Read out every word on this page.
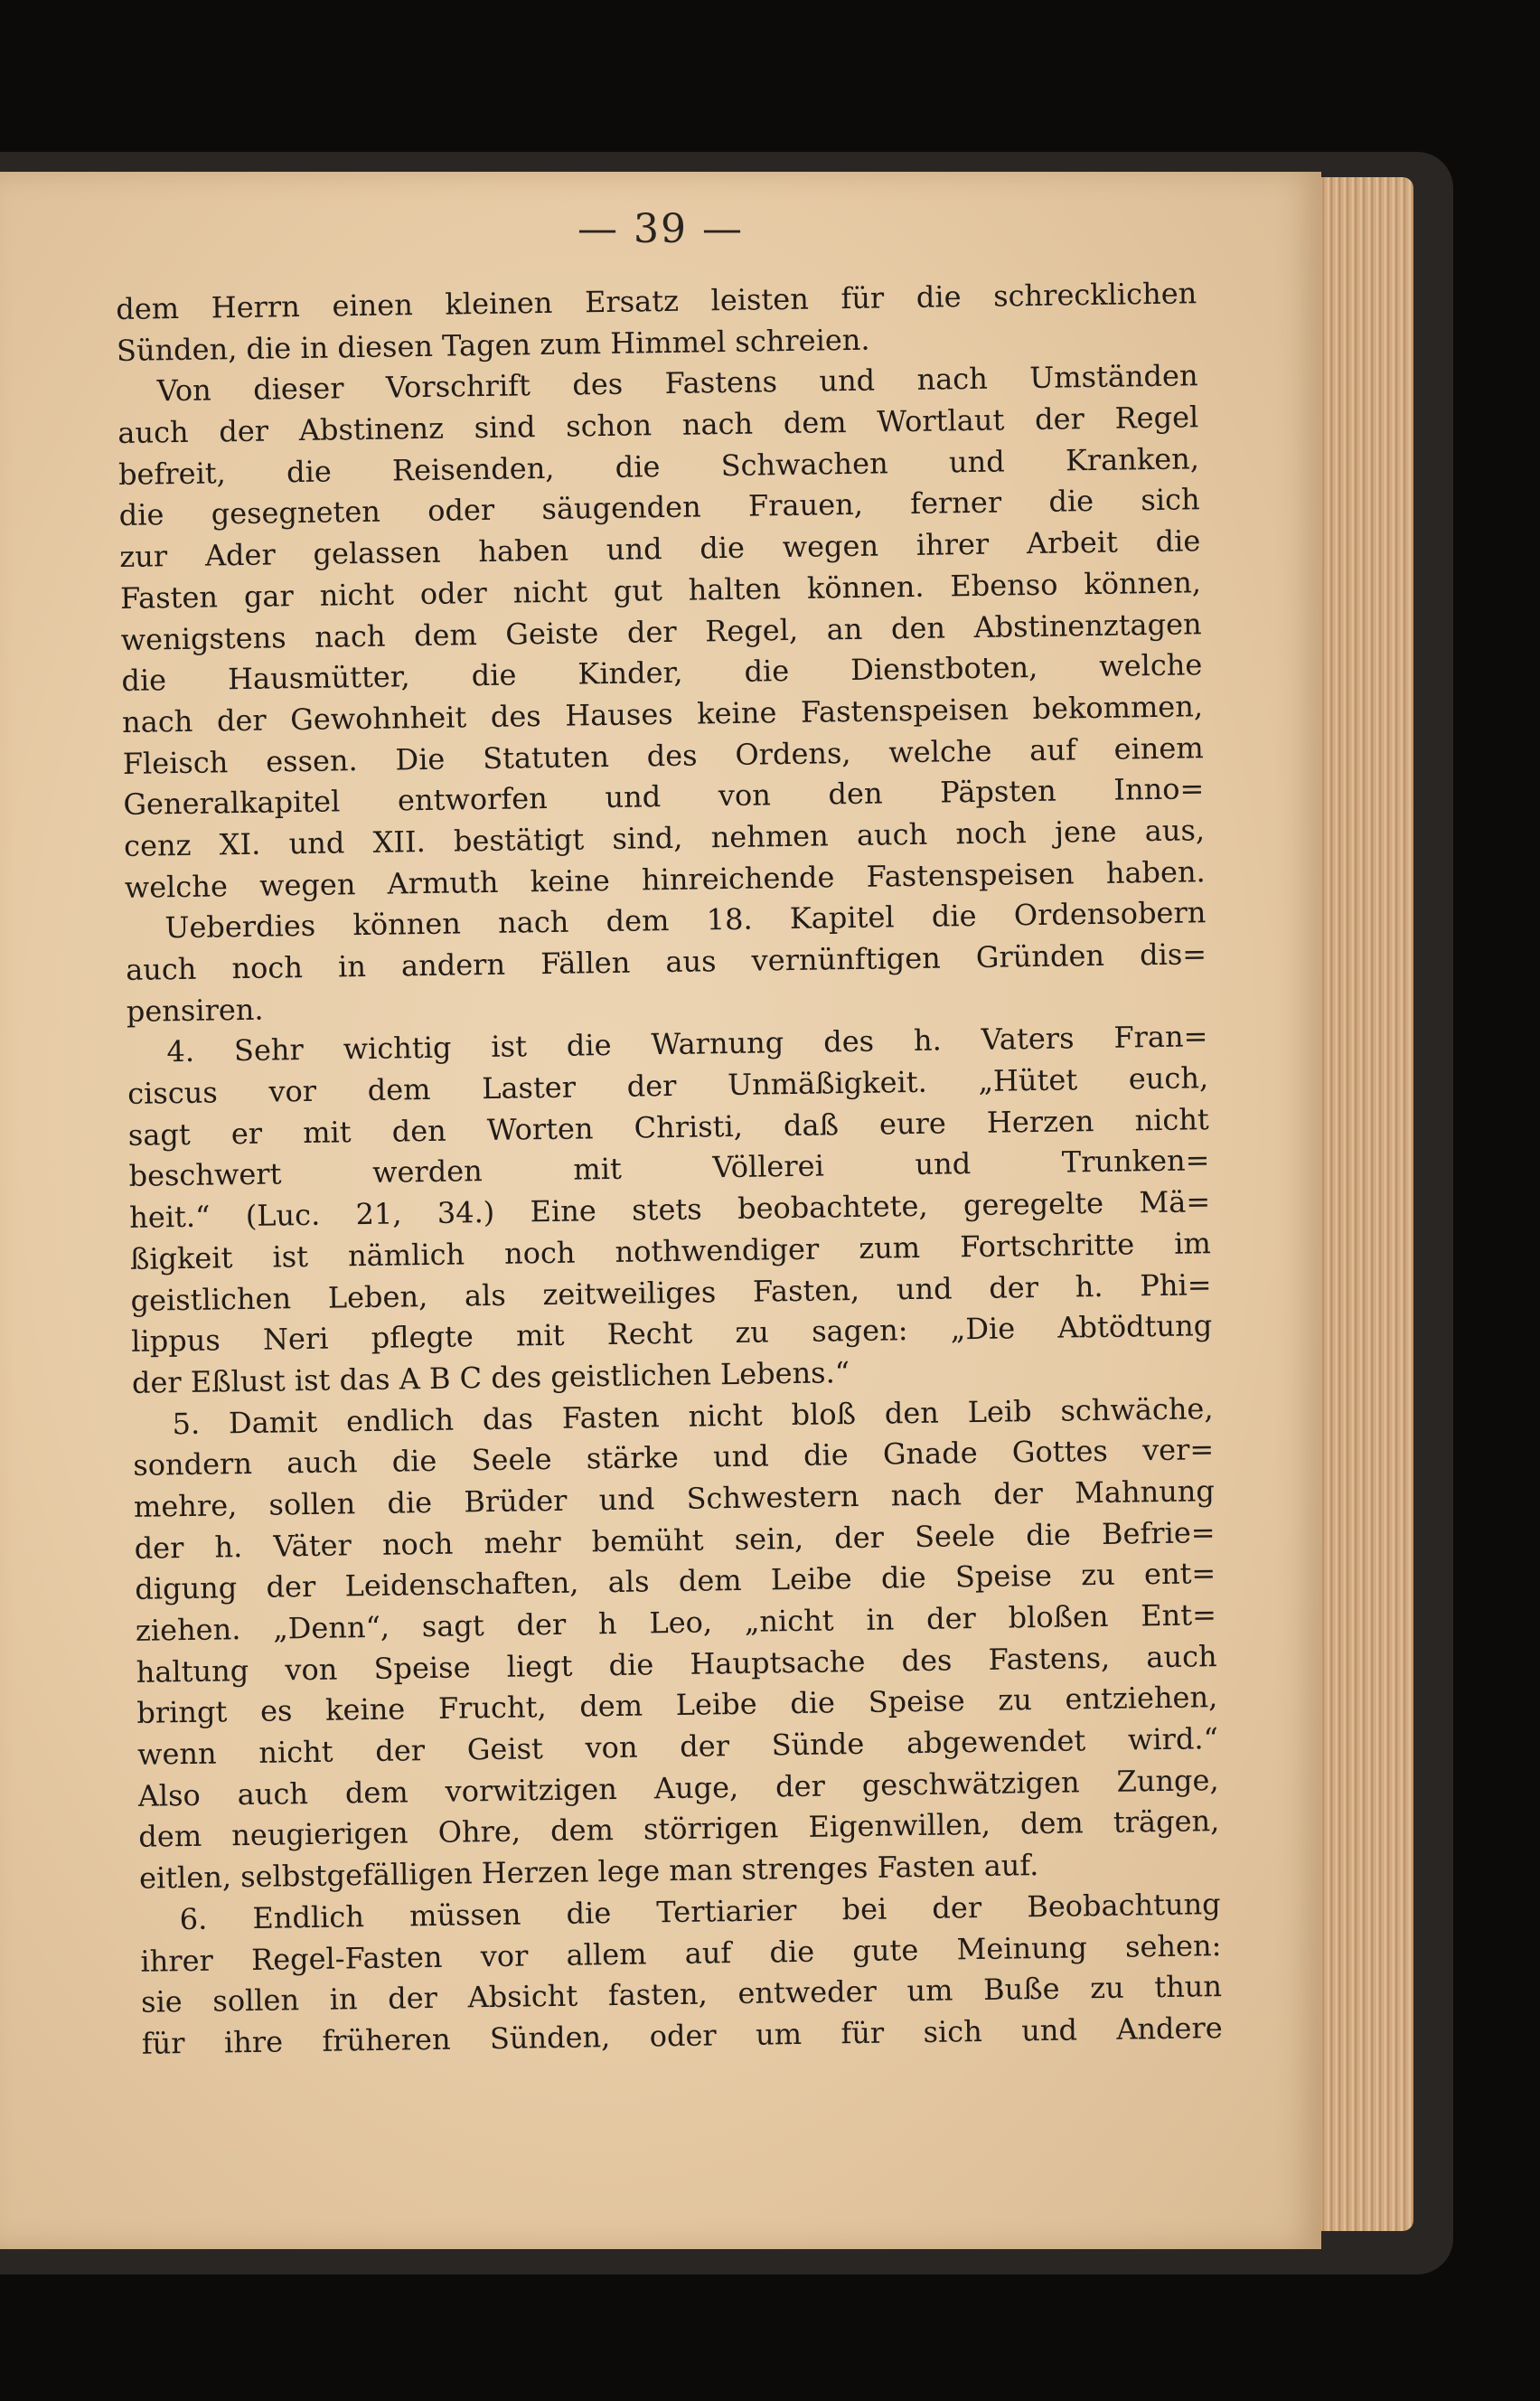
— 39 —
dem Herrn einen kleinen Ersatz leisten für die schrecklichen
Sünden, die in diesen Tagen zum Himmel schreien.
Von dieser Vorschrift des Fastens und nach Umständen
auch der Abstinenz sind schon nach dem Wortlaut der Regel
befreit, die Reisenden, die Schwachen und Kranken,
die gesegneten oder säugenden Frauen, ferner die sich
zur Ader gelassen haben und die wegen ihrer Arbeit die
Fasten gar nicht oder nicht gut halten können. Ebenso können,
wenigstens nach dem Geiste der Regel, an den Abstinenztagen
die Hausmütter, die Kinder, die Dienstboten, welche
nach der Gewohnheit des Hauses keine Fastenspeisen bekommen,
Fleisch essen. Die Statuten des Ordens, welche auf einem
Generalkapitel entworfen und von den Päpsten Inno=
cenz XI. und XII. bestätigt sind, nehmen auch noch jene aus,
welche wegen Armuth keine hinreichende Fastenspeisen haben.
Ueberdies können nach dem 18. Kapitel die Ordensobern
auch noch in andern Fällen aus vernünftigen Gründen dis=
pensiren.
4. Sehr wichtig ist die Warnung des h. Vaters Fran=
ciscus vor dem Laster der Unmäßigkeit. „Hütet euch,
sagt er mit den Worten Christi, daß eure Herzen nicht
beschwert werden mit Völlerei und Trunken=
heit.“ (Luc. 21, 34.) Eine stets beobachtete, geregelte Mä=
ßigkeit ist nämlich noch nothwendiger zum Fortschritte im
geistlichen Leben, als zeitweiliges Fasten, und der h. Phi=
lippus Neri pflegte mit Recht zu sagen: „Die Abtödtung
der Eßlust ist das A B C des geistlichen Lebens.“
5. Damit endlich das Fasten nicht bloß den Leib schwäche,
sondern auch die Seele stärke und die Gnade Gottes ver=
mehre, sollen die Brüder und Schwestern nach der Mahnung
der h. Väter noch mehr bemüht sein, der Seele die Befrie=
digung der Leidenschaften, als dem Leibe die Speise zu ent=
ziehen. „Denn“, sagt der h Leo, „nicht in der bloßen Ent=
haltung von Speise liegt die Hauptsache des Fastens, auch
bringt es keine Frucht, dem Leibe die Speise zu entziehen,
wenn nicht der Geist von der Sünde abgewendet wird.“
Also auch dem vorwitzigen Auge, der geschwätzigen Zunge,
dem neugierigen Ohre, dem störrigen Eigenwillen, dem trägen,
eitlen, selbstgefälligen Herzen lege man strenges Fasten auf.
6. Endlich müssen die Tertiarier bei der Beobachtung
ihrer Regel-Fasten vor allem auf die gute Meinung sehen:
sie sollen in der Absicht fasten, entweder um Buße zu thun
für ihre früheren Sünden, oder um für sich und Andere
